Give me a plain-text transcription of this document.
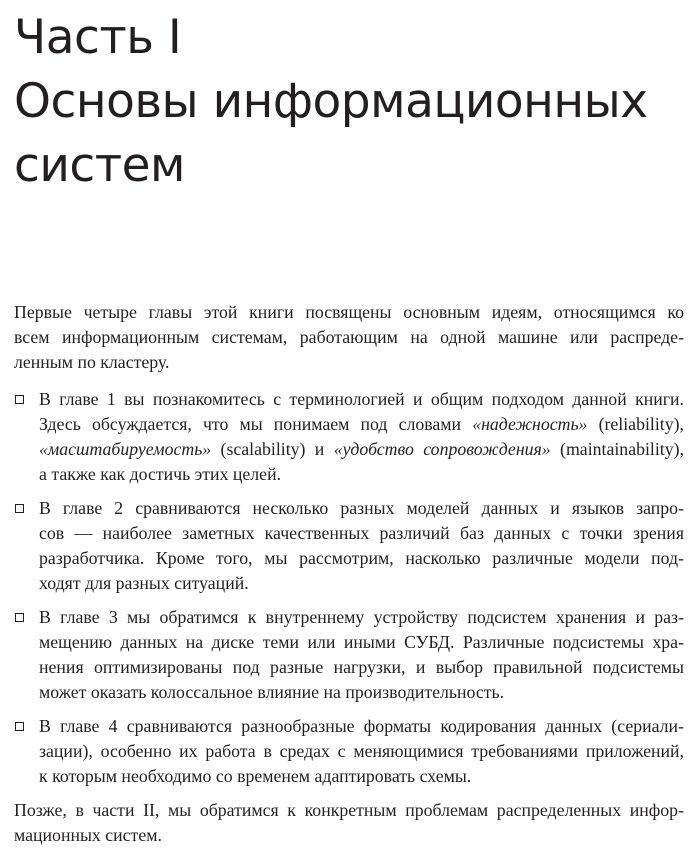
Часть I
Основы информационных
систем
Первые четыре главы этой книги посвящены основным идеям, относящимся ко
всем информационным системам, работающим на одной машине или распреде-
ленным по кластеру.
В главе 1 вы познакомитесь с терминологией и общим подходом данной книги.
Здесь обсуждается, что мы понимаем под словами «надежность» (reliability),
«масштабируемость» (scalability) и «удобство сопровождения» (maintainability),
а также как достичь этих целей.
В главе 2 сравниваются несколько разных моделей данных и языков запро-
сов — наиболее заметных качественных различий баз данных с точки зрения
разработчика. Кроме того, мы рассмотрим, насколько различные модели под-
ходят для разных ситуаций.
В главе 3 мы обратимся к внутреннему устройству подсистем хранения и раз-
мещению данных на диске теми или иными СУБД. Различные подсистемы хра-
нения оптимизированы под разные нагрузки, и выбор правильной подсистемы
может оказать колоссальное влияние на производительность.
В главе 4 сравниваются разнообразные форматы кодирования данных (сериали-
зации), особенно их работа в средах с меняющимися требованиями приложений,
к которым необходимо со временем адаптировать схемы.
Позже, в части II, мы обратимся к конкретным проблемам распределенных инфор-
мационных систем.
